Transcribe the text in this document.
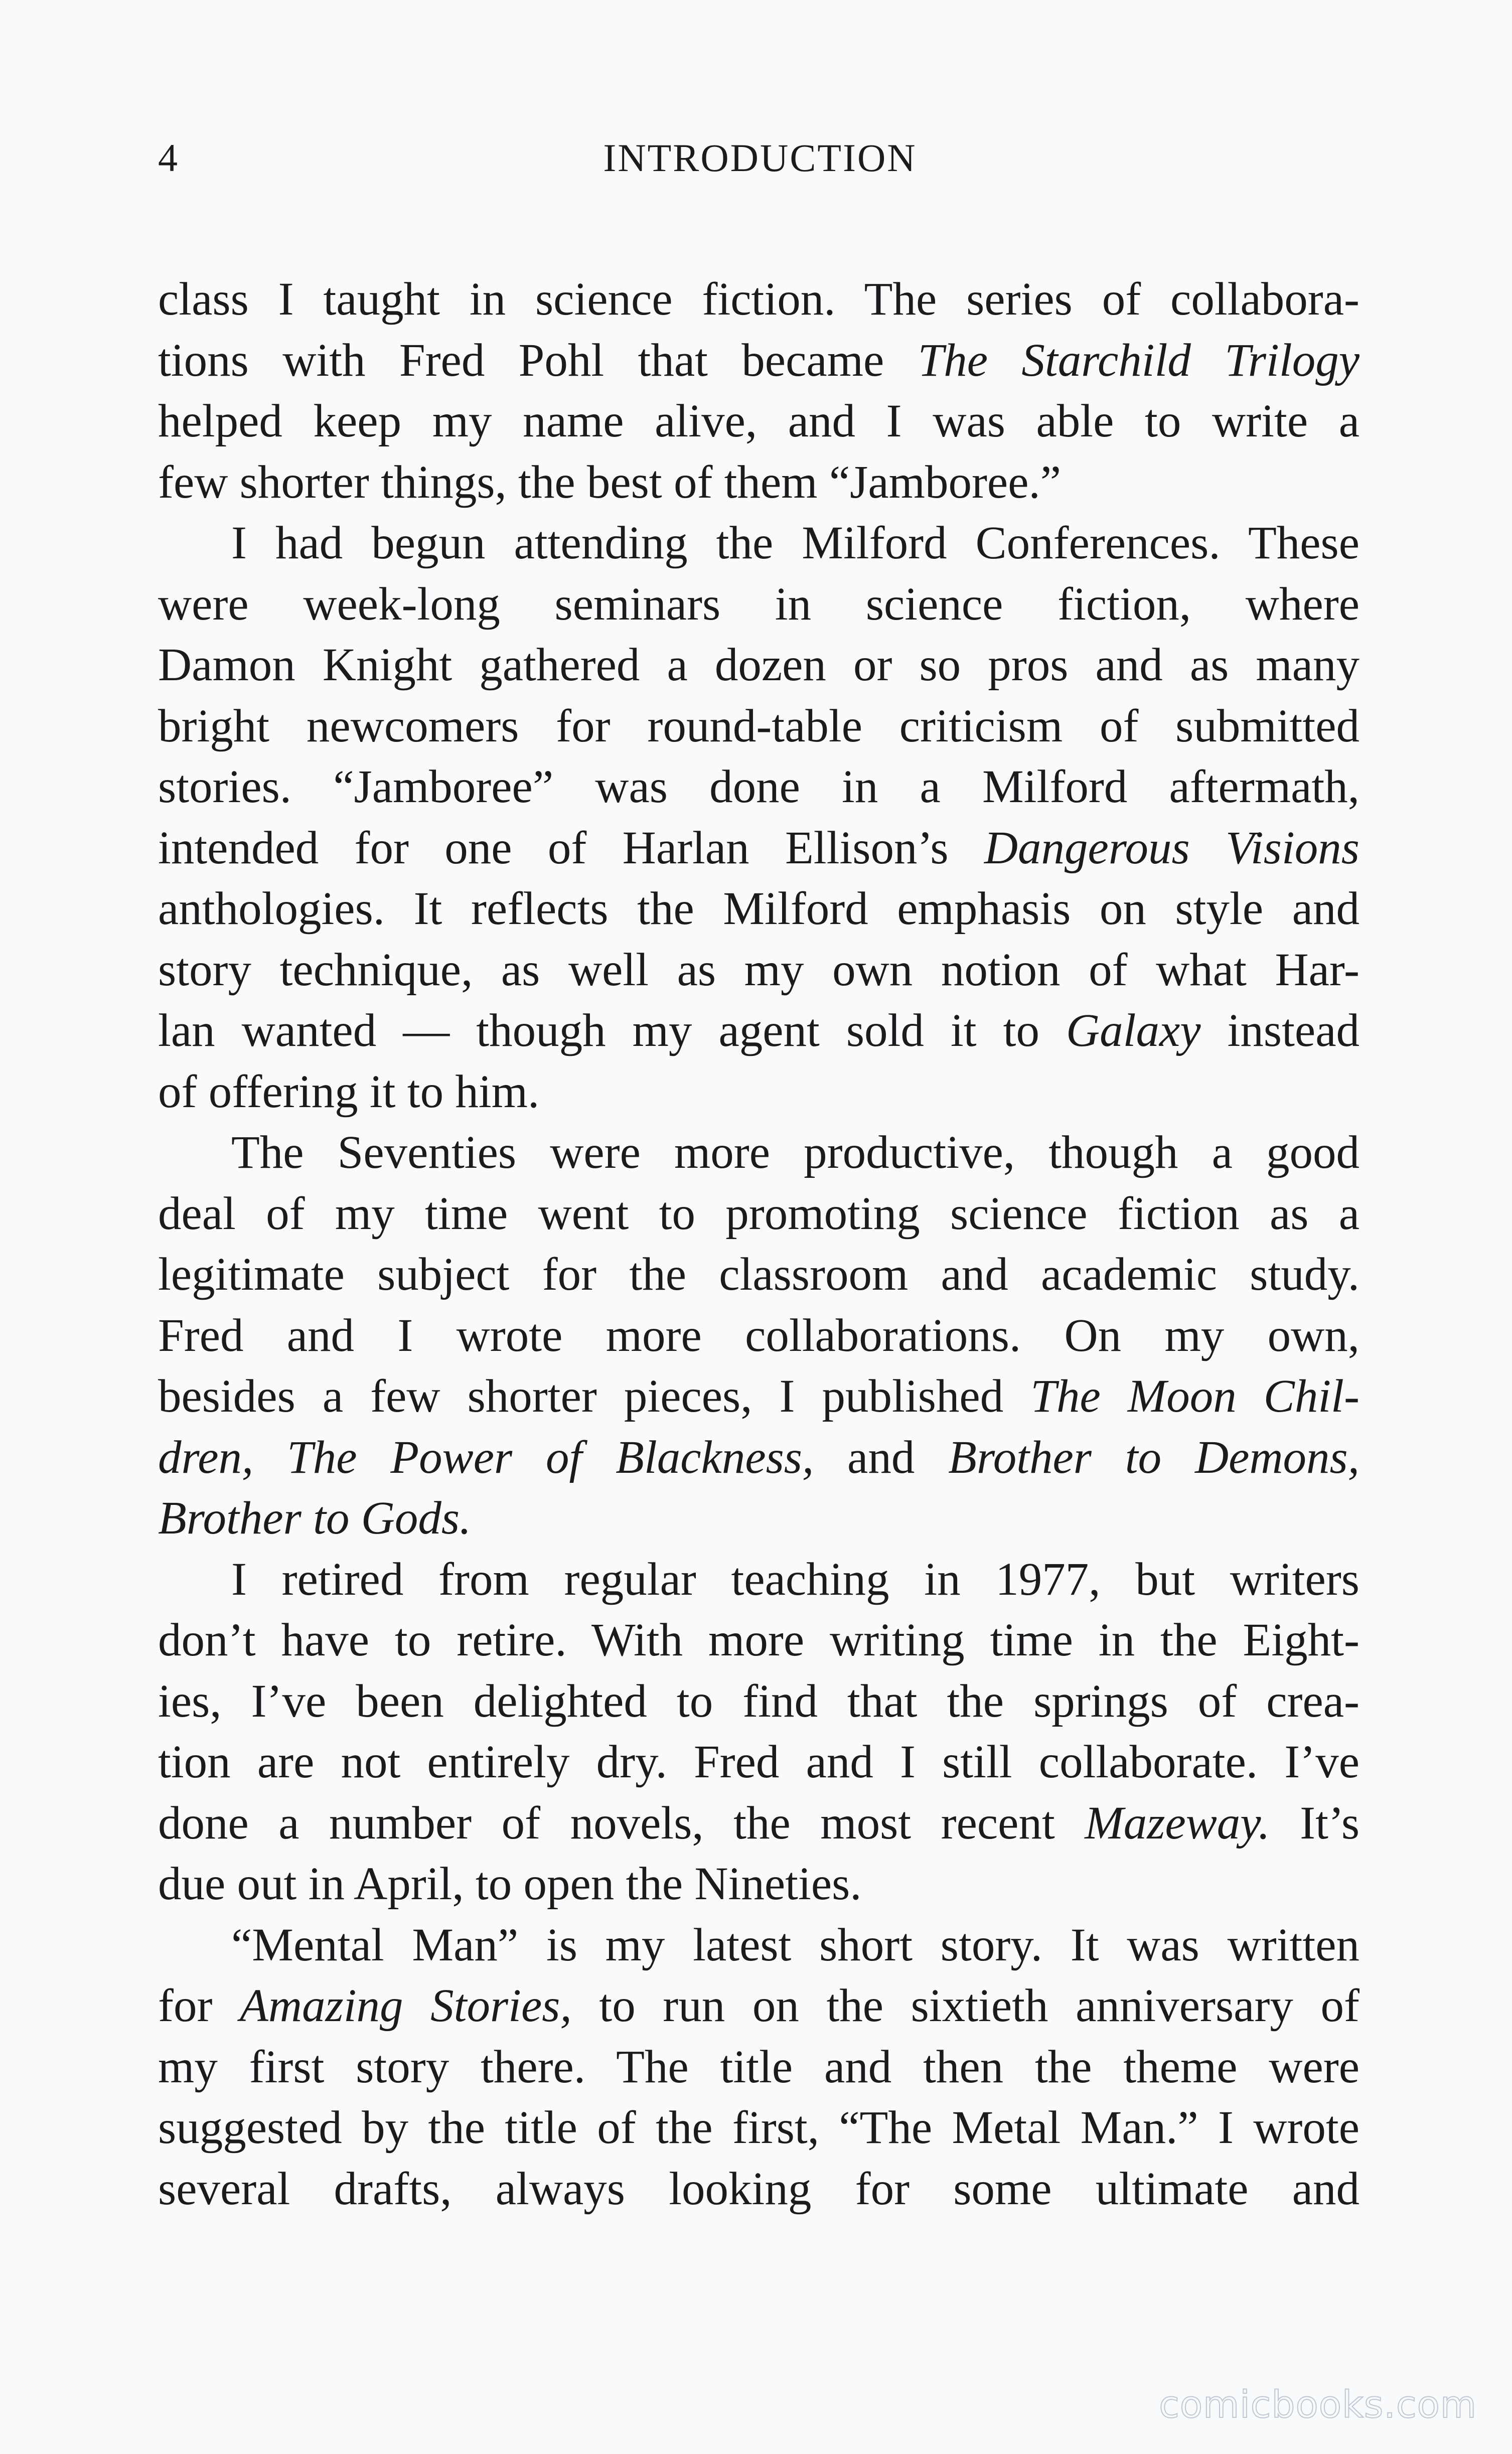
4	INTRODUCTION
class I taught in science fiction. The series of collabora-
tions with Fred Pohl that became The Starchild Trilogy
helped keep my name alive, and I was able to write a
few shorter things, the best of them “Jamboree.”
I had begun attending the Milford Conferences. These
were week-long seminars in science fiction, where
Damon Knight gathered a dozen or so pros and as many
bright newcomers for round-table criticism of submitted
stories. “Jamboree” was done in a Milford aftermath,
intended for one of Harlan Ellison’s Dangerous Visions
anthologies. It reflects the Milford emphasis on style and
story technique, as well as my own notion of what Har-
lan wanted — though my agent sold it to Galaxy instead
of offering it to him.
The Seventies were more productive, though a good
deal of my time went to promoting science fiction as a
legitimate subject for the classroom and academic study.
Fred and I wrote more collaborations. On my own,
besides a few shorter pieces, I published The Moon Chil-
dren, The Power of Blackness, and Brother to Demons,
Brother to Gods.
I retired from regular teaching in 1977, but writers
don’t have to retire. With more writing time in the Eight-
ies, I’ve been delighted to find that the springs of crea-
tion are not entirely dry. Fred and I still collaborate. I’ve
done a number of novels, the most recent Mazeway. It’s
due out in April, to open the Nineties.
“Mental Man” is my latest short story. It was written
for Amazing Stories, to run on the sixtieth anniversary of
my first story there. The title and then the theme were
suggested by the title of the first, “The Metal Man.” I wrote
several drafts, always looking for some ultimate and
comicbooks.com
